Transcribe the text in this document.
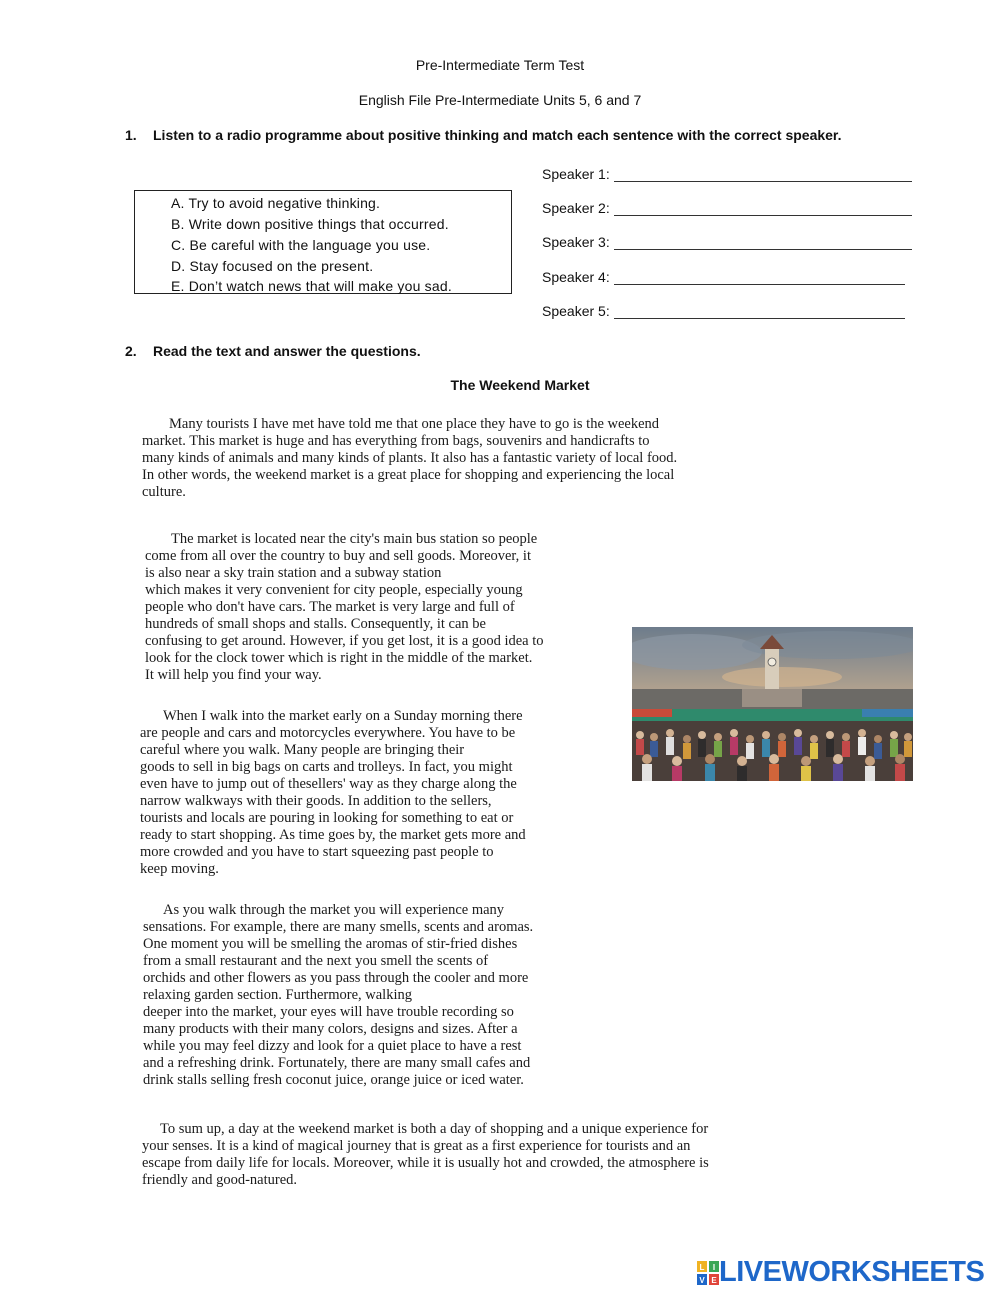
Pre-Intermediate Term Test
English File Pre-Intermediate Units 5, 6 and 7
1. Listen to a radio programme about positive thinking and match each sentence with the correct speaker.
A. Try to avoid negative thinking.
B. Write down positive things that occurred.
C. Be careful with the language you use.
D. Stay focused on the present.
E. Don’t watch news that will make you sad.
Speaker 1:
Speaker 2:
Speaker 3:
Speaker 4:
Speaker 5:
2. Read the text and answer the questions.
The Weekend Market
Many tourists I have met have told me that one place they have to go is the weekend
market. This market is huge and has everything from bags, souvenirs and handicrafts to
many kinds of animals and many kinds of plants. It also has a fantastic variety of local food.
In other words, the weekend market is a great place for shopping and experiencing the local
culture.
The market is located near the city's main bus station so people
come from all over the country to buy and sell goods. Moreover, it
is also near a sky train station and a subway station
which makes it very convenient for city people, especially young
people who don't have cars. The market is very large and full of
hundreds of small shops and stalls. Consequently, it can be
confusing to get around. However, if you get lost, it is a good idea to
look for the clock tower which is right in the middle of the market.
It will help you find your way.
When I walk into the market early on a Sunday morning there
are people and cars and motorcycles everywhere. You have to be
careful where you walk. Many people are bringing their
goods to sell in big bags on carts and trolleys. In fact, you might
even have to jump out of thesellers' way as they charge along the
narrow walkways with their goods. In addition to the sellers,
tourists and locals are pouring in looking for something to eat or
ready to start shopping. As time goes by, the market gets more and
more crowded and you have to start squeezing past people to
keep moving.
As you walk through the market you will experience many
sensations. For example, there are many smells, scents and aromas.
One moment you will be smelling the aromas of stir-fried dishes
from a small restaurant and the next you smell the scents of
orchids and other flowers as you pass through the cooler and more
relaxing garden section. Furthermore, walking
deeper into the market, your eyes will have trouble recording so
many products with their many colors, designs and sizes. After a
while you may feel dizzy and look for a quiet place to have a rest
and a refreshing drink. Fortunately, there are many small cafes and
drink stalls selling fresh coconut juice, orange juice or iced water.
To sum up, a day at the weekend market is both a day of shopping and a unique experience for
your senses. It is a kind of magical journey that is great as a first experience for tourists and an
escape from daily life for locals. Moreover, while it is usually hot and crowded, the atmosphere is
friendly and good-natured.
L I
V E LIVEWORKSHEETS
